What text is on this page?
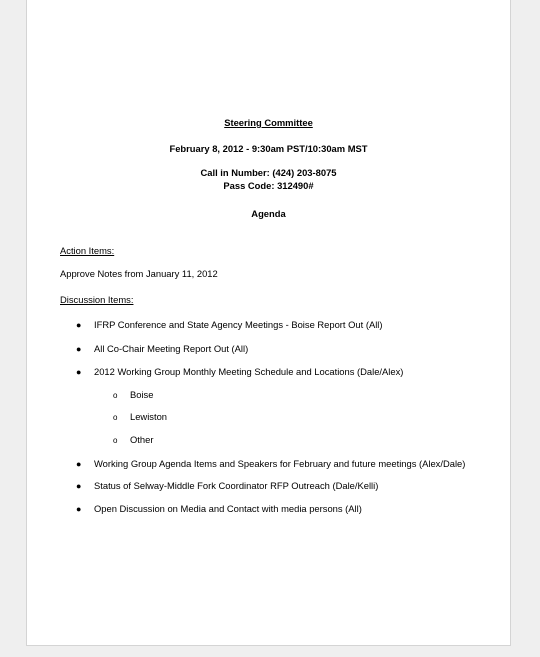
Steering Committee
February 8, 2012 - 9:30am PST/10:30am MST
Call in Number: (424) 203-8075
Pass Code: 312490#
Agenda
Action Items:
Approve Notes from January 11, 2012
Discussion Items:
● IFRP Conference and State Agency Meetings - Boise Report Out (All)
● All Co-Chair Meeting Report Out (All)
● 2012 Working Group Monthly Meeting Schedule and Locations (Dale/Alex)
o Boise
o Lewiston
o Other
● Working Group Agenda Items and Speakers for February and future meetings (Alex/Dale)
● Status of Selway-Middle Fork Coordinator RFP Outreach (Dale/Kelli)
● Open Discussion on Media and Contact with media persons (All)
